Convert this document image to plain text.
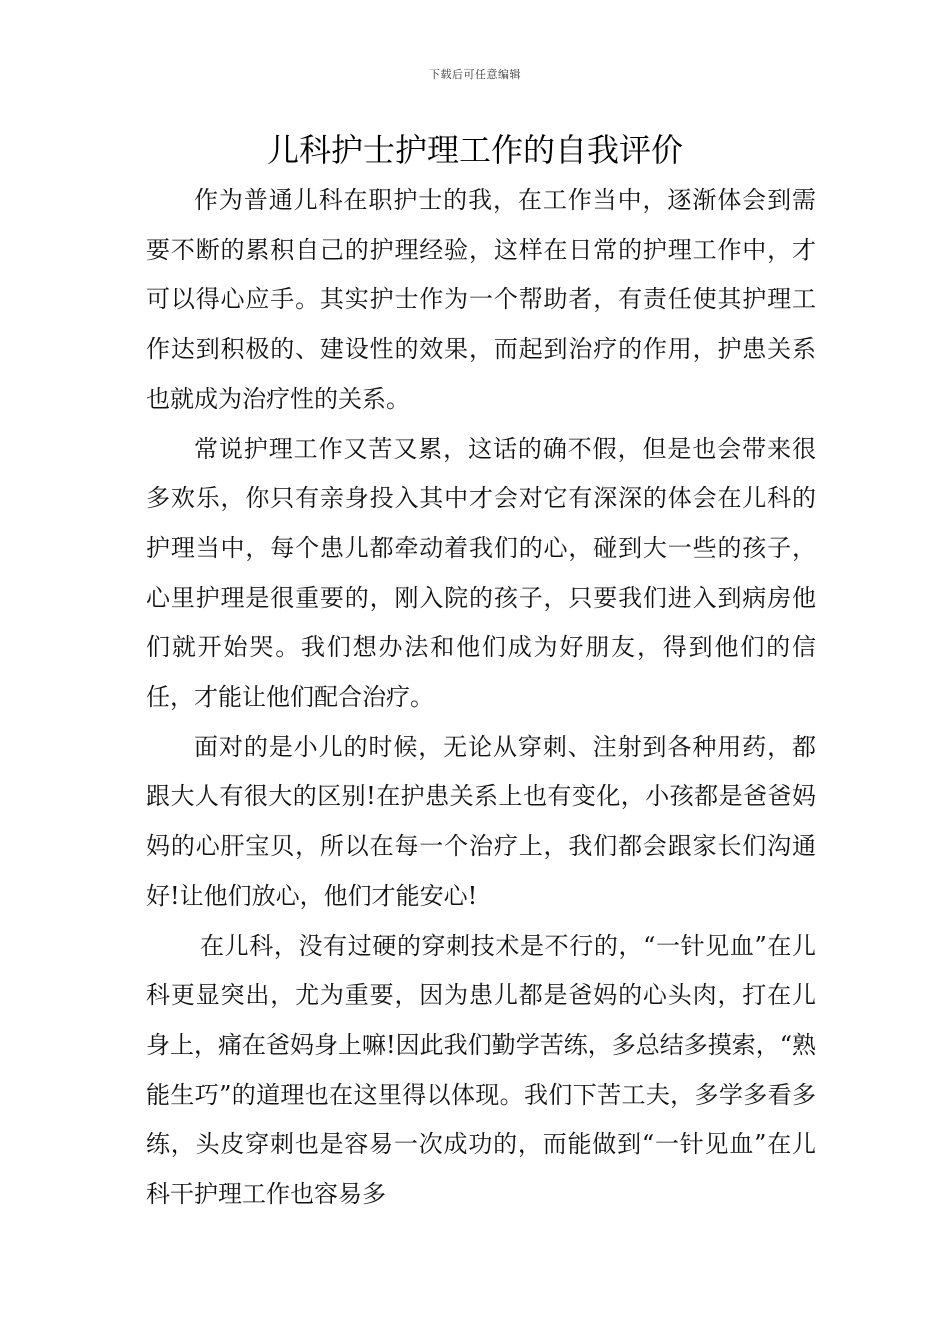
下载后可任意编辑
儿科护士护理工作的自我评价

作为普通儿科在职护士的我，在工作当中，逐渐体会到需要不断的累积自己的护理经验，这样在日常的护理工作中，才可以得心应手。其实护士作为一个帮助者，有责任使其护理工作达到积极的、建设性的效果，而起到治疗的作用，护患关系也就成为治疗性的关系。

常说护理工作又苦又累，这话的确不假，但是也会带来很多欢乐，你只有亲身投入其中才会对它有深深的体会在儿科的护理当中，每个患儿都牵动着我们的心，碰到大一些的孩子，心里护理是很重要的，刚入院的孩子，只要我们进入到病房他们就开始哭。我们想办法和他们成为好朋友，得到他们的信任，才能让他们配合治疗。

面对的是小儿的时候，无论从穿刺、注射到各种用药，都跟大人有很大的区别!在护患关系上也有变化，小孩都是爸爸妈妈的心肝宝贝，所以在每一个治疗上，我们都会跟家长们沟通好!让他们放心，他们才能安心!

在儿科，没有过硬的穿刺技术是不行的，“一针见血”在儿科更显突出，尤为重要，因为患儿都是爸妈的心头肉，打在儿身上，痛在爸妈身上嘛!因此我们勤学苦练，多总结多摸索，“熟能生巧”的道理也在这里得以体现。我们下苦工夫，多学多看多练，头皮穿刺也是容易一次成功的，而能做到“一针见血”在儿科干护理工作也容易多
